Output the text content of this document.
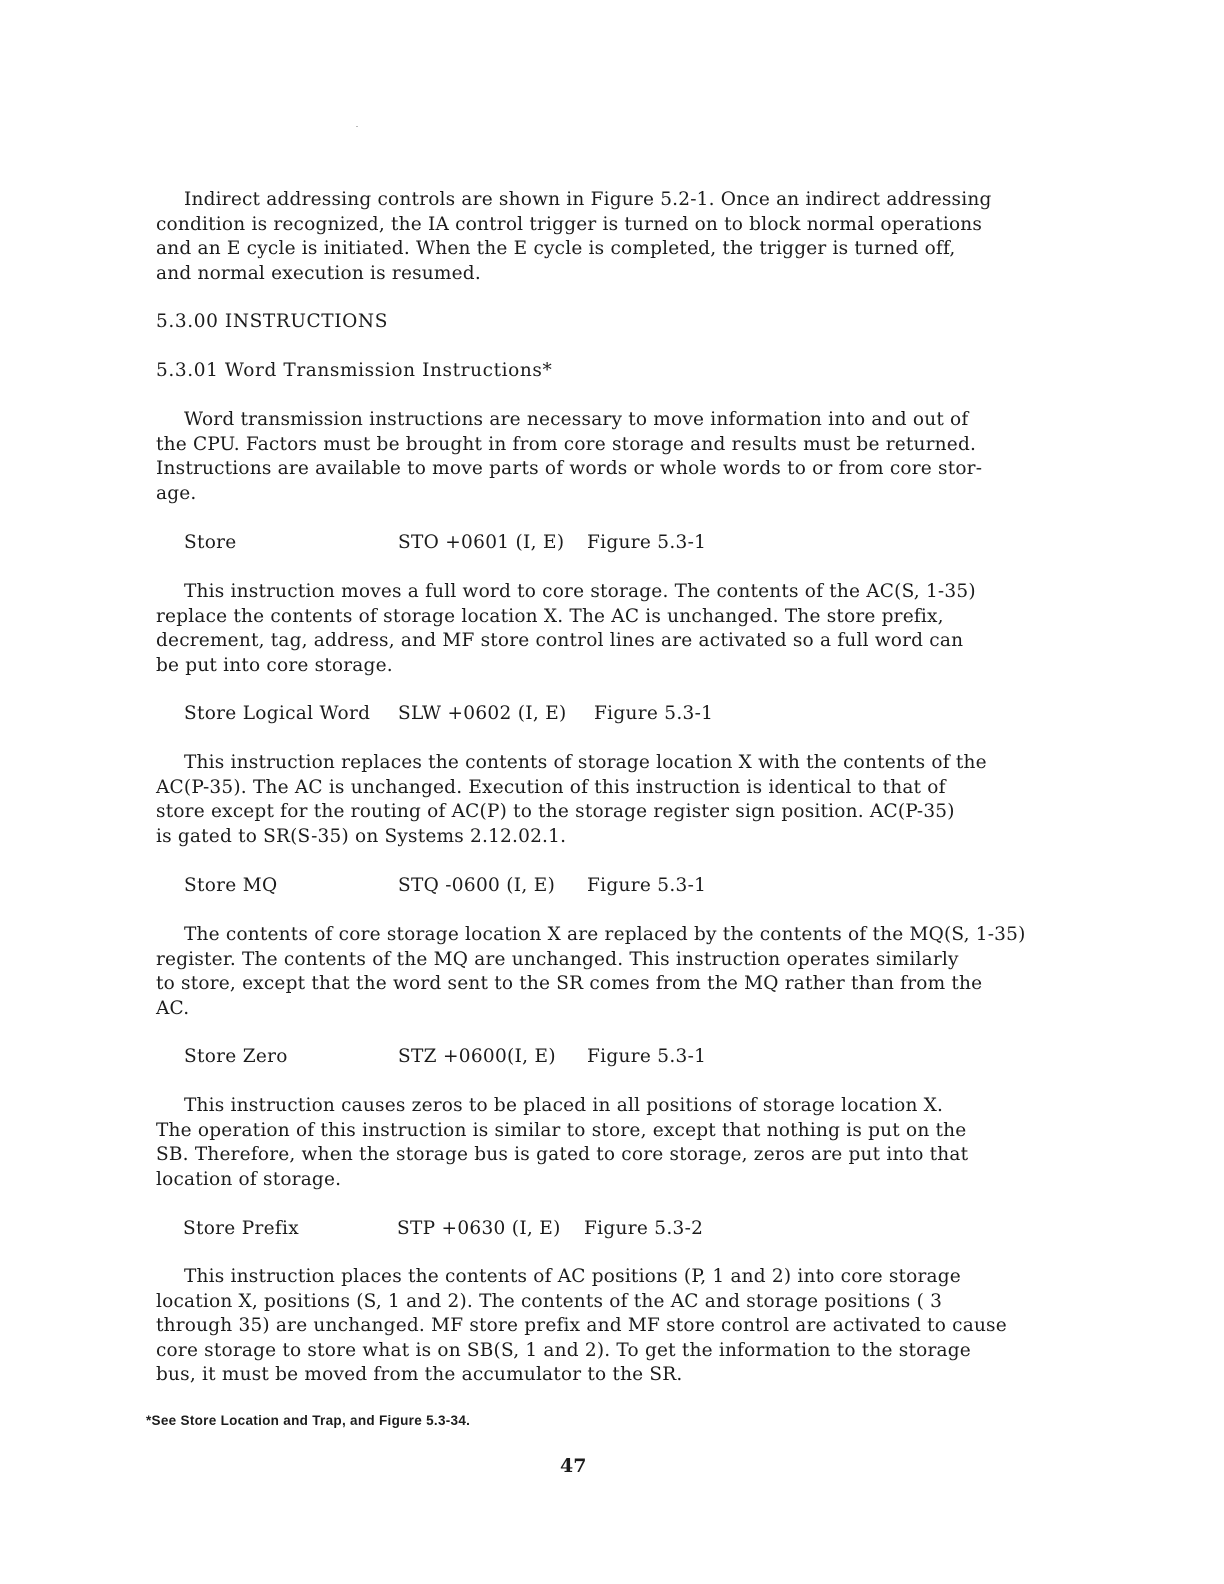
Indirect addressing controls are shown in Figure 5.2-1. Once an indirect addressing
condition is recognized, the IA control trigger is turned on to block normal operations
and an E cycle is initiated. When the E cycle is completed, the trigger is turned off,
and normal execution is resumed.

5.3.00 INSTRUCTIONS
5.3.01 Word Transmission Instructions*

Word transmission instructions are necessary to move information into and out of
the CPU. Factors must be brought in from core storage and results must be returned.
Instructions are available to move parts of words or whole words to or from core stor-
age.

Store	STO +0601 (I, E) Figure 5.3-1

This instruction moves a full word to core storage. The contents of the AC(S, 1-35)
replace the contents of storage location X. The AC is unchanged. The store prefix,
decrement, tag, address, and MF store control lines are activated so a full word can
be put into core storage.

Store Logical Word SLW +0602 (I, E) Figure 5.3-1

This instruction replaces the contents of storage location X with the contents of the
AC(P-35). The AC is unchanged. Execution of this instruction is identical to that of
store except for the routing of AC(P) to the storage register sign position. AC(P-35)
is gated to SR(S-35) on Systems 2.12.02.1.

Store MQ	STQ -0600 (I, E) Figure 5.3-1

The contents of core storage location X are replaced by the contents of the MQ(S, 1-35)
register. The contents of the MQ are unchanged. This instruction operates similarly
to store, except that the word sent to the SR comes from the MQ rather than from the
AC.

Store Zero	STZ +0600(I, E) Figure 5.3-1

This instruction causes zeros to be placed in all positions of storage location X.
The operation of this instruction is similar to store, except that nothing is put on the
SB. Therefore, when the storage bus is gated to core storage, zeros are put into that
location of storage.

Store Prefix	STP +0630 (I, E) Figure 5.3-2

This instruction places the contents of AC positions (P, 1 and 2) into core storage
location X, positions (S, 1 and 2). The contents of the AC and storage positions ( 3
through 35) are unchanged. MF store prefix and MF store control are activated to cause
core storage to store what is on SB(S, 1 and 2). To get the information to the storage
bus, it must be moved from the accumulator to the SR.

*See Store Location and Trap, and Figure 5.3-34.
47
